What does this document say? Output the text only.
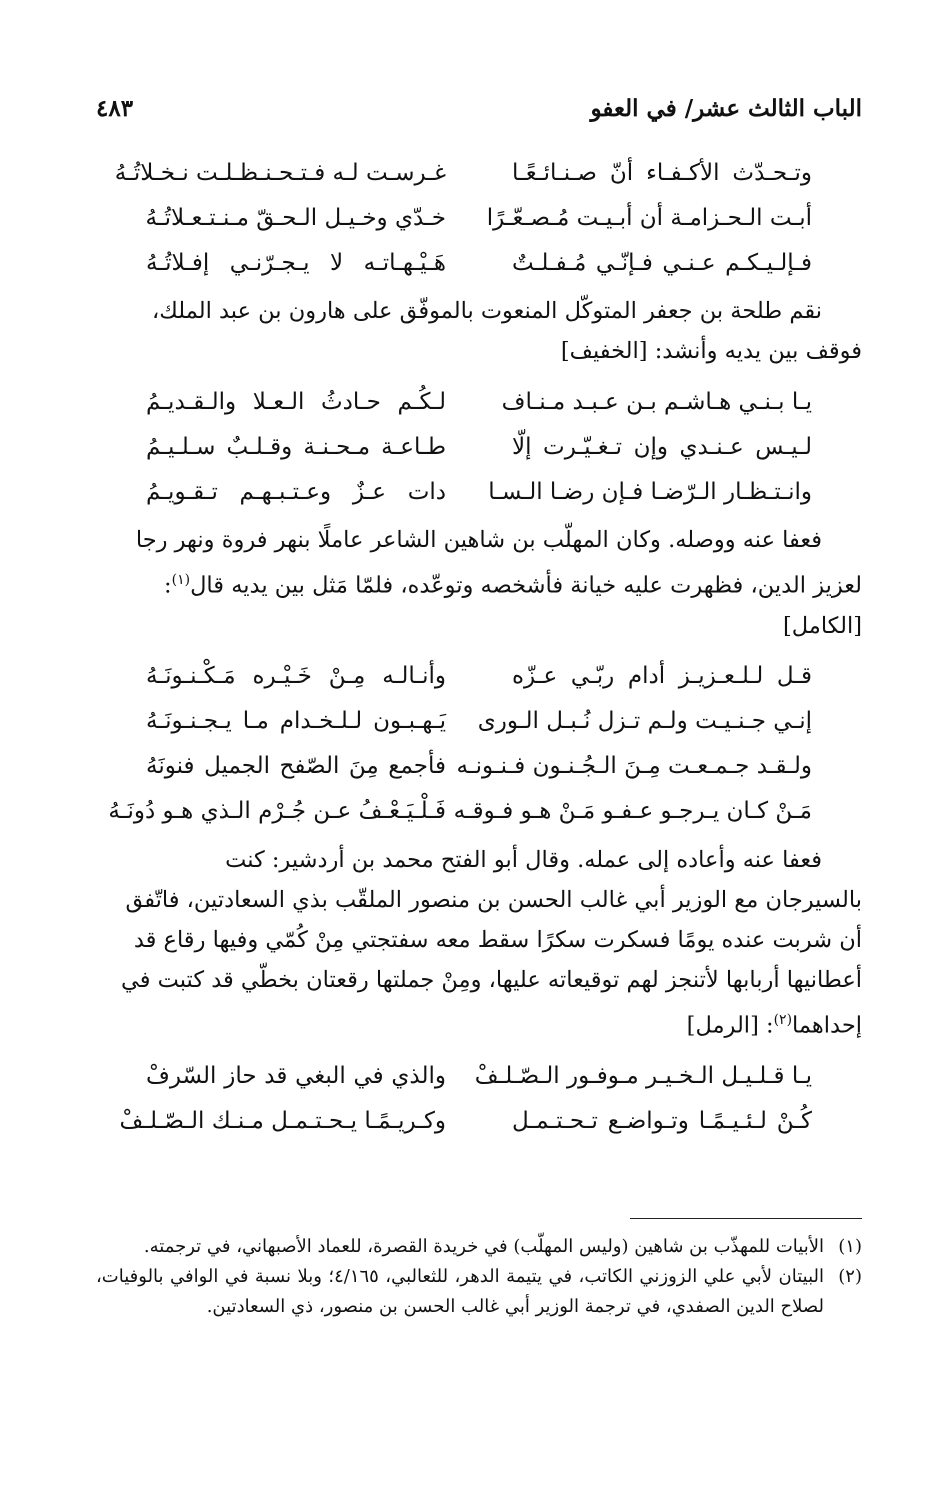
الباب الثالث عشر/ في العفو
٤٨٣
وتـحـدّث الأكـفـاء أنّ صـنـائـعًـا
غـرسـت لـه فـتـحـنـظـلـت نـخـلاتُـهُ
أبـت الـحـزامـة أن أبـيـت مُـصـعّـرًا
خـدّي وخـيـل الـحـقّ مـنـتـعـلاتُـهُ
فـإلـيـكـم عـنـي فـإنّـي مُـفـلـتٌ
هَـيْـهـاتـه لا يـجـرّنـي إفـلاتُـهُ
نقم طلحة بن جعفر المتوكّل المنعوت بالموفّق على هارون بن عبد الملك،
فوقف بين يديه وأنشد: [الخفيف]
يـا بـنـي هـاشـم بـن عـبـد مـنـاف
لـكُـم حـادثُ الـعـلا والـقـديـمُ
لـيـس عـنـدي وإن تـغـيّـرت إلّا
طـاعـة مـحـنـة وقـلـبٌ سـلـيـمُ
وانـتـظـار الـرّضـا فـإن رضـا الـسـا
دات عـزٌ وعـتـبـهـم تـقـويـمُ
فعفا عنه ووصله. وكان المهلّب بن شاهين الشاعر عاملًا بنهر فروة ونهر رجا
لعزيز الدين، فظهرت عليه خيانة فأشخصه وتوعّده، فلمّا مَثل بين يديه قال$^{(١)}$:
[الكامل]
قـل لـلـعـزيـز أدام ربّـي عـزّه
وأنـالـه مِـنْ خَـيْـره مَـكْـنـونَـهُ
إنـي جـنـيـت ولـم تـزل نُـبـل الـورى
يَـهـبـون لـلـخـدام مـا يـجـنـونَـهُ
ولـقـد جـمـعـت مِـنَ الـجُـنـون فـنـونـه
فأجمع مِنَ الصّفح الجميل فنونَهُ
مَـنْ كـان يـرجـو عـفـو مَـنْ هـو فـوقـه
فَـلْـيَـعْـفُ عـن جُـرْم الـذي هـو دُونَـهُ
فعفا عنه وأعاده إلى عمله. وقال أبو الفتح محمد بن أردشير: كنت
بالسيرجان مع الوزير أبي غالب الحسن بن منصور الملقّب بذي السعادتين، فاتّفق
أن شربت عنده يومًا فسكرت سكرًا سقط معه سفتجتي مِنْ كُمّي وفيها رقاع قد
أعطانيها أربابها لأتنجز لهم توقيعاته عليها، ومِنْ جملتها رقعتان بخطّي قد كتبت في
إحداهما$^{(٢)}$: [الرمل]
يـا قـلـيـل الـخـيـر مـوفـور الـصّـلـفْ
والذي في البغي قد حاز السّرفْ
كُـنْ لـئـيـمًـا وتـواضـع تـحـتـمـل
وكـريـمًـا يـحـتـمـل مـنـك الـصّـلـفْ
(١)
الأبيات للمهذّب بن شاهين (وليس المهلّب) في خريدة القصرة، للعماد الأصبهاني، في ترجمته.
(٢)
البيتان لأبي علي الزوزني الكاتب، في يتيمة الدهر، للثعالبي، ٤/١٦٥؛ وبلا نسبة في الوافي بالوفيات، لصلاح الدين الصفدي، في ترجمة الوزير أبي غالب الحسن بن منصور، ذي السعادتين.
